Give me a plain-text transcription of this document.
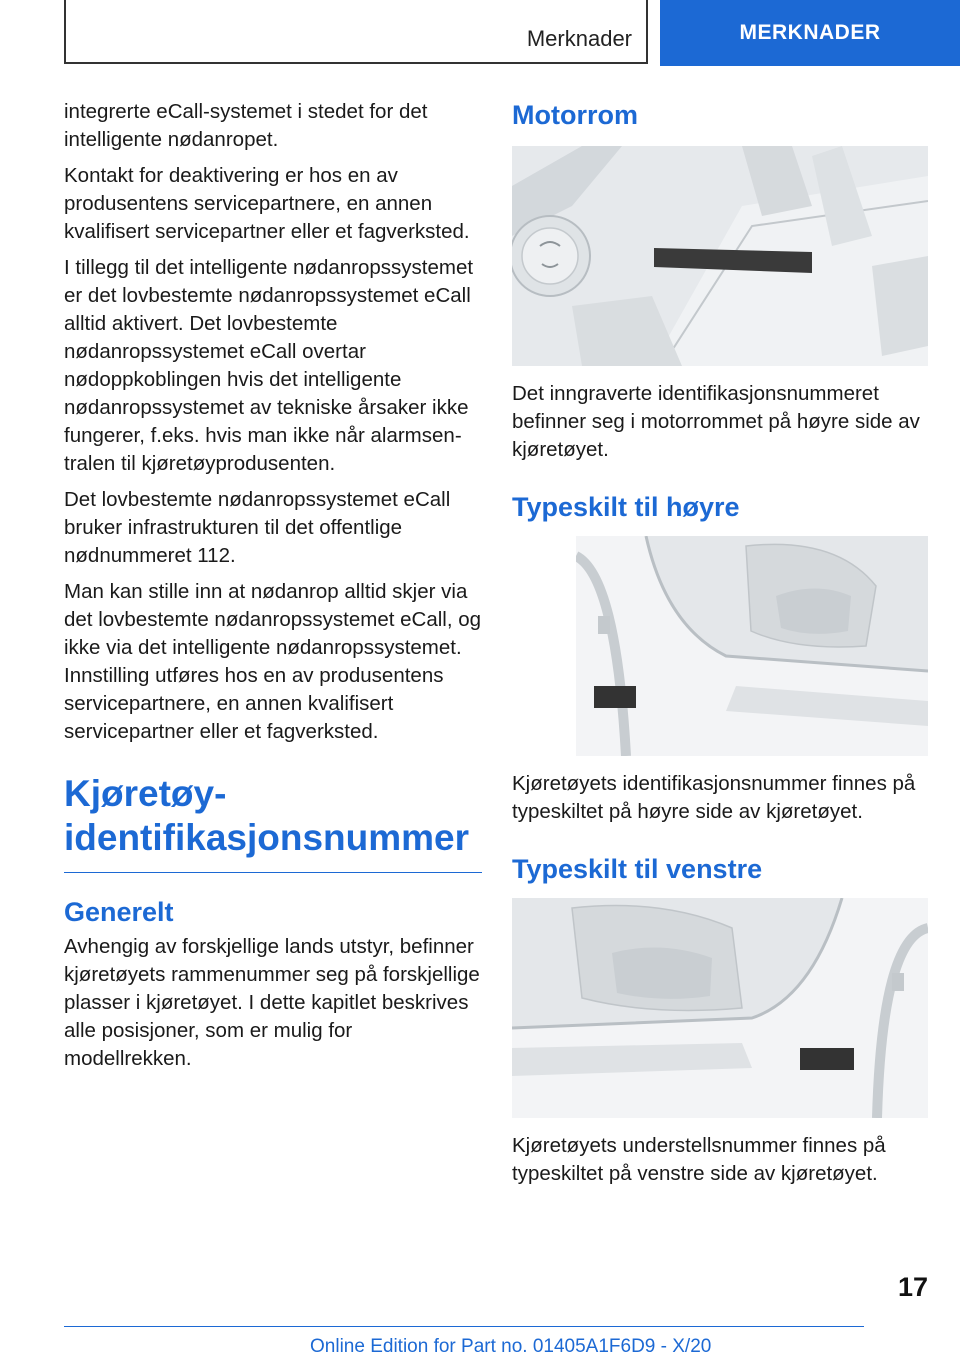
Merknader	MERKNADER

integrerte eCall-systemet i stedet for det intelligente nødanropet.

Kontakt for deaktivering er hos en av produsentens servicepartnere, en annen kvalifisert servicepartner eller et fagverksted.

I tillegg til det intelligente nødanropssystemet er det lovbestemte nødanropssystemet eCall alltid aktivert. Det lovbestemte nødanropssystemet eCall overtar nødoppkoblingen hvis det intelligente nødanropssystemet av tekniske årsaker ikke fungerer, f.eks. hvis man ikke når alarmsentralen til kjøretøyprodusenten.

Det lovbestemte nødanropssystemet eCall bruker infrastrukturen til det offentlige nødnummeret 112.

Man kan stille inn at nødanrop alltid skjer via det lovbestemte nødanropssystemet eCall, og ikke via det intelligente nødanropssystemet. Innstilling utføres hos en av produsentens servicepartnere, en annen kvalifisert servicepartner eller et fagverksted.

Kjøretøy-
identifikasjonsnummer
Generelt

Avhengig av forskjellige lands utstyr, befinner kjøretøyets rammenummer seg på forskjellige plasser i kjøretøyet. I dette kapitlet beskrives alle posisjoner, som er mulig for modellrekken.

Motorrom

Det inngraverte identifikasjonsnummeret befinner seg i motorrommet på høyre side av kjøretøyet.

Typeskilt til høyre

Kjøretøyets identifikasjonsnummer finnes på typeskiltet på høyre side av kjøretøyet.

Typeskilt til venstre

Kjøretøyets understellsnummer finnes på typeskiltet på venstre side av kjøretøyet.

17
Online Edition for Part no. 01405A1F6D9 - X/20
